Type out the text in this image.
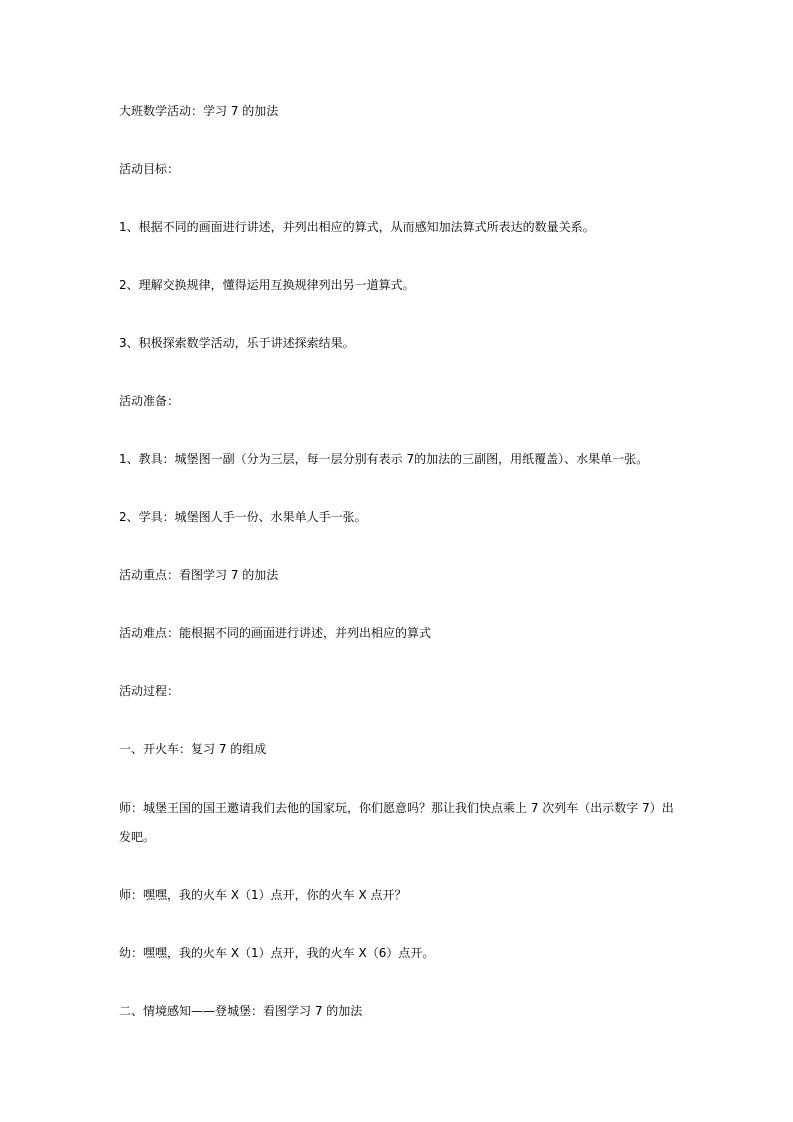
大班数学活动：学习 7 的加法
活动目标：
1、根据不同的画面进行讲述，并列出相应的算式，从而感知加法算式所表达的数量关系。
2、理解交换规律，懂得运用互换规律列出另一道算式。
3、积极探索数学活动，乐于讲述探索结果。
活动准备：
1、教具：城堡图一副（分为三层，每一层分别有表示 7的加法的三副图，用纸覆盖）、水果单一张。
2、学具：城堡图人手一份、水果单人手一张。
活动重点：看图学习 7 的加法
活动难点：能根据不同的画面进行讲述，并列出相应的算式
活动过程：
一、开火车：复习 7 的组成
师：城堡王国的国王邀请我们去他的国家玩，你们愿意吗？那让我们快点乘上 7 次列车（出示数字 7）出发吧。
师：嘿嘿，我的火车 X（1）点开，你的火车 X 点开？
幼：嘿嘿，我的火车 X（1）点开，我的火车 X（6）点开。
二、情境感知——登城堡：看图学习 7 的加法
